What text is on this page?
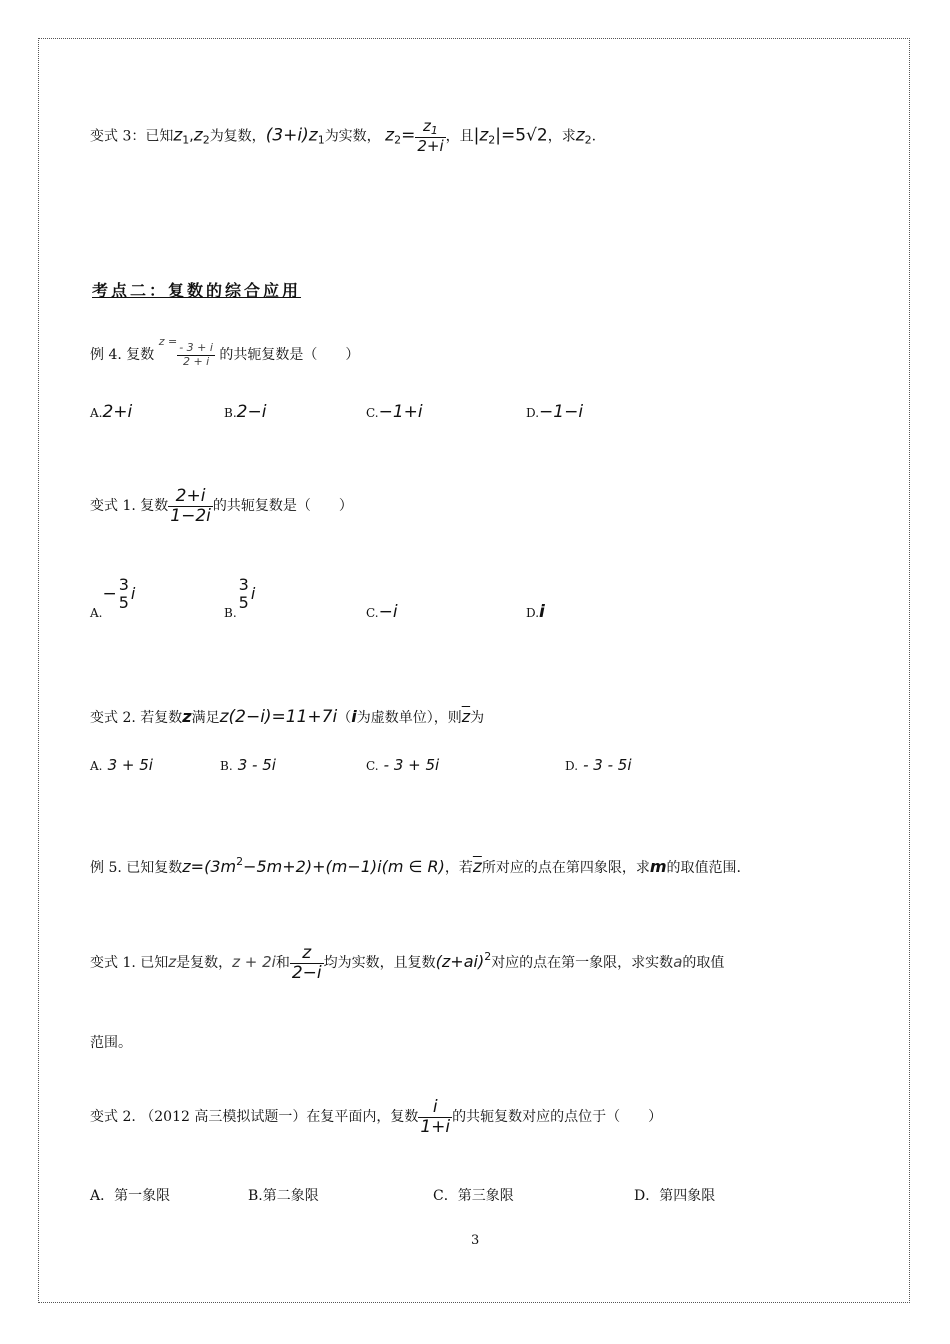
变式 3：已知$z_1,z_2$为复数，$(3+i)z_1$为实数， $z_2= \frac{z_1}{2+i}$ ，且$|z_2|=5√2$，求$z_2$.
考点二：复数的综合应用
例 4. 复数 $^{z =}$
$\frac{- 3 + i}{2 + i}$ 的共轭复数是（　　）
A.2+i	B.2−i	C.−1+i	D.−1−i
变式 1. 复数 $\frac{2+i}{1-2i}$ 的共轭复数是（　　）
$_{A.}$− 3
5 i
$_{B.}$
3
5 i
C.−i	D.i
变式 2. 若复数z满足z(2−i)=11+7i（i为虚数单位），则$\overline{z}$为
A. 3 + 5i	B. 3 - 5i	C. - 3 + 5i	D. - 3 - 5i
例 5. 已知复数$z=(3m^2-5m+2)+(m-1)i(m$ ∈ R)，若$\overline{z}$所对应的点在第四象限，求m的取值范围.
变式 1. 已知z是复数，z + 2i和 $\frac{z}{2-i}$ 均为实数，且复数$(z+ai)^2$对应的点在第一象限，求实数a的取值
范围。
变式 2. （2012 高三模拟试题一）在复平面内，复数 $\frac{i}{1+i}$ 的共轭复数对应的点位于（　　）
A．第一象限	B.第二象限	C．第三象限	D．第四象限
3
